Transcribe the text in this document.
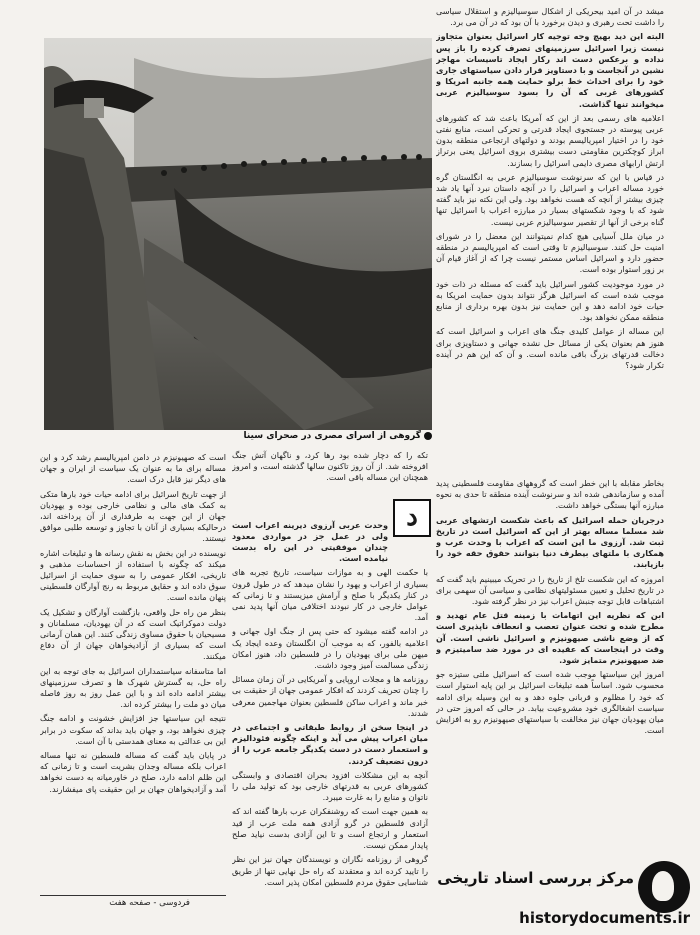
میشد در آن امید بیحریکی از اشکال سوسیالیزم و استقلال سیاسی را داشت تحت رهبری و دیدن برخورد با آن بود که در آن می برد.

البته این دید بهیچ وجه توجیه کار اسرائیل بعنوان متجاوز نیست زیرا اسرائیل سرزمینهای تصرف کرده را باز پس نداده و برعکس دست اند رکار ایجاد تاسیسات مهاجر نشین در آنجاست و با دستاویز قرار دادن سیاستهای جاری خود را برای احداث خط برلو حمایت همه جانبه امریکا و کشورهای غربی که آن را بسود سوسیالیزم عربی میخوانند تنها گذاشت.

اعلامیه های رسمی بعد از این که آمریکا باعث شد که کشورهای عربی پیوسته در جستجوی ایجاد قدرتی و تحرکی است، منابع نفتی خود را در اختیار امپریالیسم بودند و دولتهای ارتجاعی منطقه بدون ابراز کوچکترین مقاومتی دست بیشتری بروی اسرائیل یعنی برتراز ارتش ارابهای مصری دایمی اسرائیل را بسازند.

در قیاس با این که سرنوشت سوسیالیزم عربی به انگلستان گره خورد مساله اعراب و اسرائیل را در آنچه داستان نبرد آنها یاد شد چیزی بیشتر از آنچه که هست نخواهد بود. ولی این نکته نیز باید گفته شود که با وجود شکستهای بسیار در مبارزه اعراب با اسرائیل تنها گناه برخی از آنها از تقصیر سوسیالیزم عربی نیست.

در میان ملل آسیایی هیچ کدام نمیتوانند این معضل را در شورای امنیت حل کنند. سوسیالیزم تا وقتی است که امپریالیسم در منطقه حضور دارد و اسرائیل اساس مستمر نیست چرا که از آغاز قیام آن بر زور استوار بوده است.

در مورد موجودیت کشور اسرائیل باید گفت که مسئله در ذات خود موجب شده است که اسرائیل هرگز نتواند بدون حمایت امریکا به حیات خود ادامه دهد و این حمایت نیز بدون بهره برداری از منابع منطقه ممکن نخواهد بود.

این مساله از عوامل کلیدی جنگ های اعراب و اسرائیل است که هنوز هم بعنوان یکی از مسائل حل نشده جهانی و دستاویزی برای دخالت قدرتهای بزرگ باقی مانده است. و آن که این هم در آینده تکرار شود؟

گروهی از اسرای مصری در صحرای سینا

بخاطر مقابله با این خطر است که گروههای مقاومت فلسطینی پدید آمده و سازماندهی شده اند و سرنوشت آینده منطقه تا حدی به نحوه مبارزه آنها بستگی خواهد داشت.

درجریان حمله اسرائیل که باعث شکست ارتشهای عربی شد مسلما مساله بهتر از این که اسرائیل است در تاریخ ثبت شد. آرزوی ما این است که اعراب با وحدت عرب و همکاری با ملتهای بیطرف دنیا بتوانند حقوق حقه خود را بازیابند.

امروزه که این شکست تلخ از تاریخ را در تحریک میبینیم باید گفت که در تاریخ تحلیل و تعیین مسئولیتهای نظامی و سیاسی آن سهمی برای اشتباهات قابل توجه جنبش اعراب نیز در نظر گرفته شود.

ابن که نظریه این اتهامات با زمینه قتل عام تهدید و مطرح شده و تحت عنوان تعصب و انعطاف ناپذیری است که از وضع ناشی صیهونیزم و اسرائیل ناشی است. آن وقت در اینجاست که عقیده ای در مورد ضد سامیتیزم و ضد صیهونیزم متمایز شود.

امروز این سیاستها موجب شده است که اسرائیل ملتی ستیزه جو محسوب شود. اساساً همه تبلیغات اسرائیل بر این پایه استوار است که خود را مظلوم و قربانی جلوه دهد و به این وسیله برای ادامه سیاست اشغالگری خود مشروعیت بیابد. در حالی که امروز حتی در میان یهودیان جهان نیز مخالفت با سیاستهای صیهونیزم رو به افزایش است.

تکه را که دچار شده بود رها کرد، و ناگهان آتش جنگ افروخته شد. از آن روز تاکنون سالها گذشته است، و امروز همچنان این مساله باقی است.

وحدت عربی آرزوی دیرینه اعراب است ولی در عمل جز در مواردی معدود چندان موفقیتی در این راه بدست نیامده است.

با حکمت الهی و به موازات سیاست، تاریخ تجربه های بسیاری از اعراب و یهود را نشان میدهد که در طول قرون در کنار یکدیگر با صلح و آرامش میزیستند و تا زمانی که عوامل خارجی در کار نبودند اختلافی میان آنها پدید نمی آمد.

در ادامه گفته میشود که حتی پس از جنگ اول جهانی و اعلامیه بالفور، که به موجب آن انگلستان وعده ایجاد یک میهن ملی برای یهودیان را در فلسطین داد، هنوز امکان زندگی مسالمت آمیز وجود داشت.

روزنامه ها و مجلات اروپایی و آمریکایی در آن زمان مسائل را چنان تحریف کردند که افکار عمومی جهان از حقیقت بی خبر ماند و اعراب ساکن فلسطین بعنوان مهاجمین معرفی شدند.

در اینجا سخن از روابط طبقاتی و اجتماعی در میان اعراب پیش می آید و اینکه چگونه فئودالیزم و استعمار دست در دست یکدیگر جامعه عرب را از درون تضعیف کردند.

آنچه به این مشکلات افزود بحران اقتصادی و وابستگی کشورهای عربی به قدرتهای خارجی بود که تولید ملی را ناتوان و منابع را به غارت میبرد.

به همین جهت است که روشنفکران عرب بارها گفته اند که آزادی فلسطین در گرو آزادی همه ملت عرب از قید استعمار و ارتجاع است و تا این آزادی بدست نیاید صلح پایدار ممکن نیست.

گروهی از روزنامه نگاران و نویسندگان جهان نیز این نظر را تایید کرده اند و معتقدند که راه حل نهایی تنها از طریق شناسایی حقوق مردم فلسطین امکان پذیر است.

د

است که صهیونیزم در دامن امپریالیسم رشد کرد و این مساله برای ما به عنوان یک سیاست از ایران و جهان های دیگر نیز قابل درک است.

از جهت تاریخ اسرائیل برای ادامه حیات خود بارها متکی به کمک های مالی و نظامی خارجی بوده و یهودیان جهان از این جهت به طرفداری از آن پرداخته اند، درحالیکه بسیاری از آنان با تجاوز و توسعه طلبی موافق نیستند.

نویسنده در این بخش به نقش رسانه ها و تبلیغات اشاره میکند که چگونه با استفاده از احساسات مذهبی و تاریخی، افکار عمومی را به سوی حمایت از اسرائیل سوق داده اند و حقایق مربوط به رنج آوارگان فلسطینی پنهان مانده است.

بنظر من راه حل واقعی، بازگشت آوارگان و تشکیل یک دولت دموکراتیک است که در آن یهودیان، مسلمانان و مسیحیان با حقوق مساوی زندگی کنند. این همان آرمانی است که بسیاری از آزادیخواهان جهان از آن دفاع میکنند.

اما متاسفانه سیاستمداران اسرائیل به جای توجه به این راه حل، به گسترش شهرک ها و تصرف سرزمینهای بیشتر ادامه داده اند و با این عمل روز به روز فاصله میان دو ملت را بیشتر کرده اند.

نتیجه این سیاستها جز افزایش خشونت و ادامه جنگ چیزی نخواهد بود، و جهان باید بداند که سکوت در برابر این بی عدالتی به معنای همدستی با آن است.

در پایان باید گفت که مساله فلسطین نه تنها مساله اعراب بلکه مساله وجدان بشریت است و تا زمانی که این ظلم ادامه دارد، صلح در خاورمیانه به دست نخواهد آمد و آزادیخواهان جهان بر این حقیقت پای میفشارند.

فردوسی - صفحه هفت
مرکز بررسی اسناد تاریخی
historydocuments.ir
